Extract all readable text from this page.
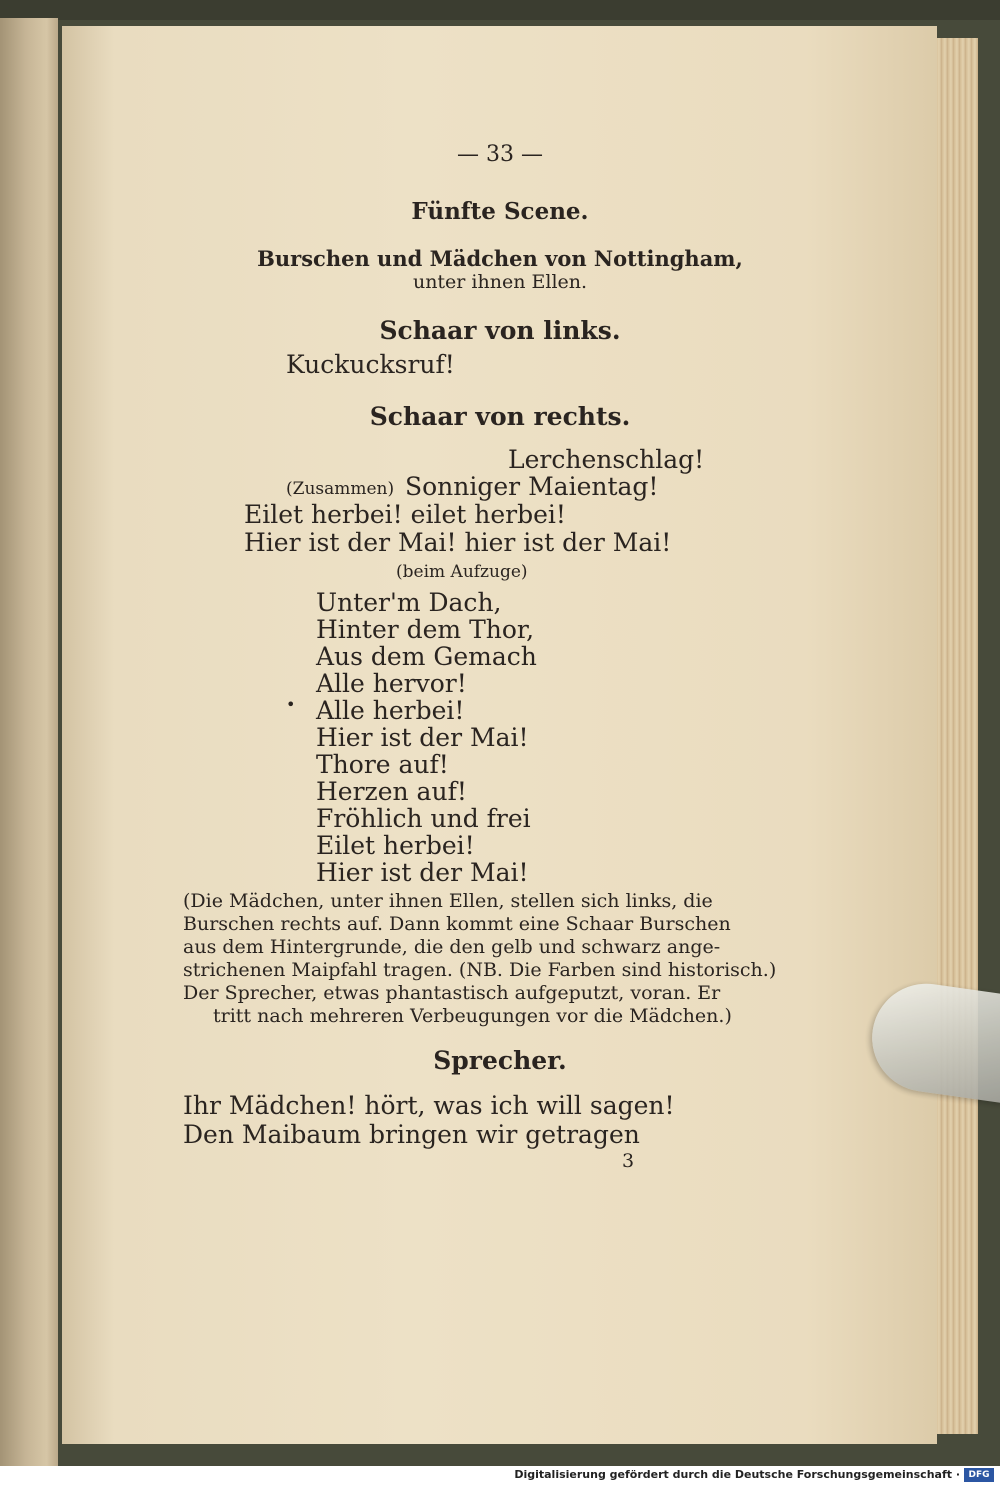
— 33 —
Fünfte Scene.
Burschen und Mädchen von Nottingham,
unter ihnen Ellen.
Schaar von links.
Kuckucksruf!
Schaar von rechts.
Lerchenschlag!
(Zusammen) Sonniger Maientag!
Eilet herbei! eilet herbei!
Hier ist der Mai! hier ist der Mai!
(beim Aufzuge)
Unter'm Dach,
Hinter dem Thor,
Aus dem Gemach
Alle hervor!
• Alle herbei!
Hier ist der Mai!
Thore auf!
Herzen auf!
Fröhlich und frei
Eilet herbei!
Hier ist der Mai!
(Die Mädchen, unter ihnen Ellen, stellen sich links, die
Burschen rechts auf. Dann kommt eine Schaar Burschen
aus dem Hintergrunde, die den gelb und schwarz ange-
strichenen Maipfahl tragen. (NB. Die Farben sind historisch.)
Der Sprecher, etwas phantastisch aufgeputzt, voran. Er
tritt nach mehreren Verbeugungen vor die Mädchen.)
Sprecher.
Ihr Mädchen! hört, was ich will sagen!
Den Maibaum bringen wir getragen
3
Digitalisierung gefördert durch die Deutsche Forschungsgemeinschaft · DFG
